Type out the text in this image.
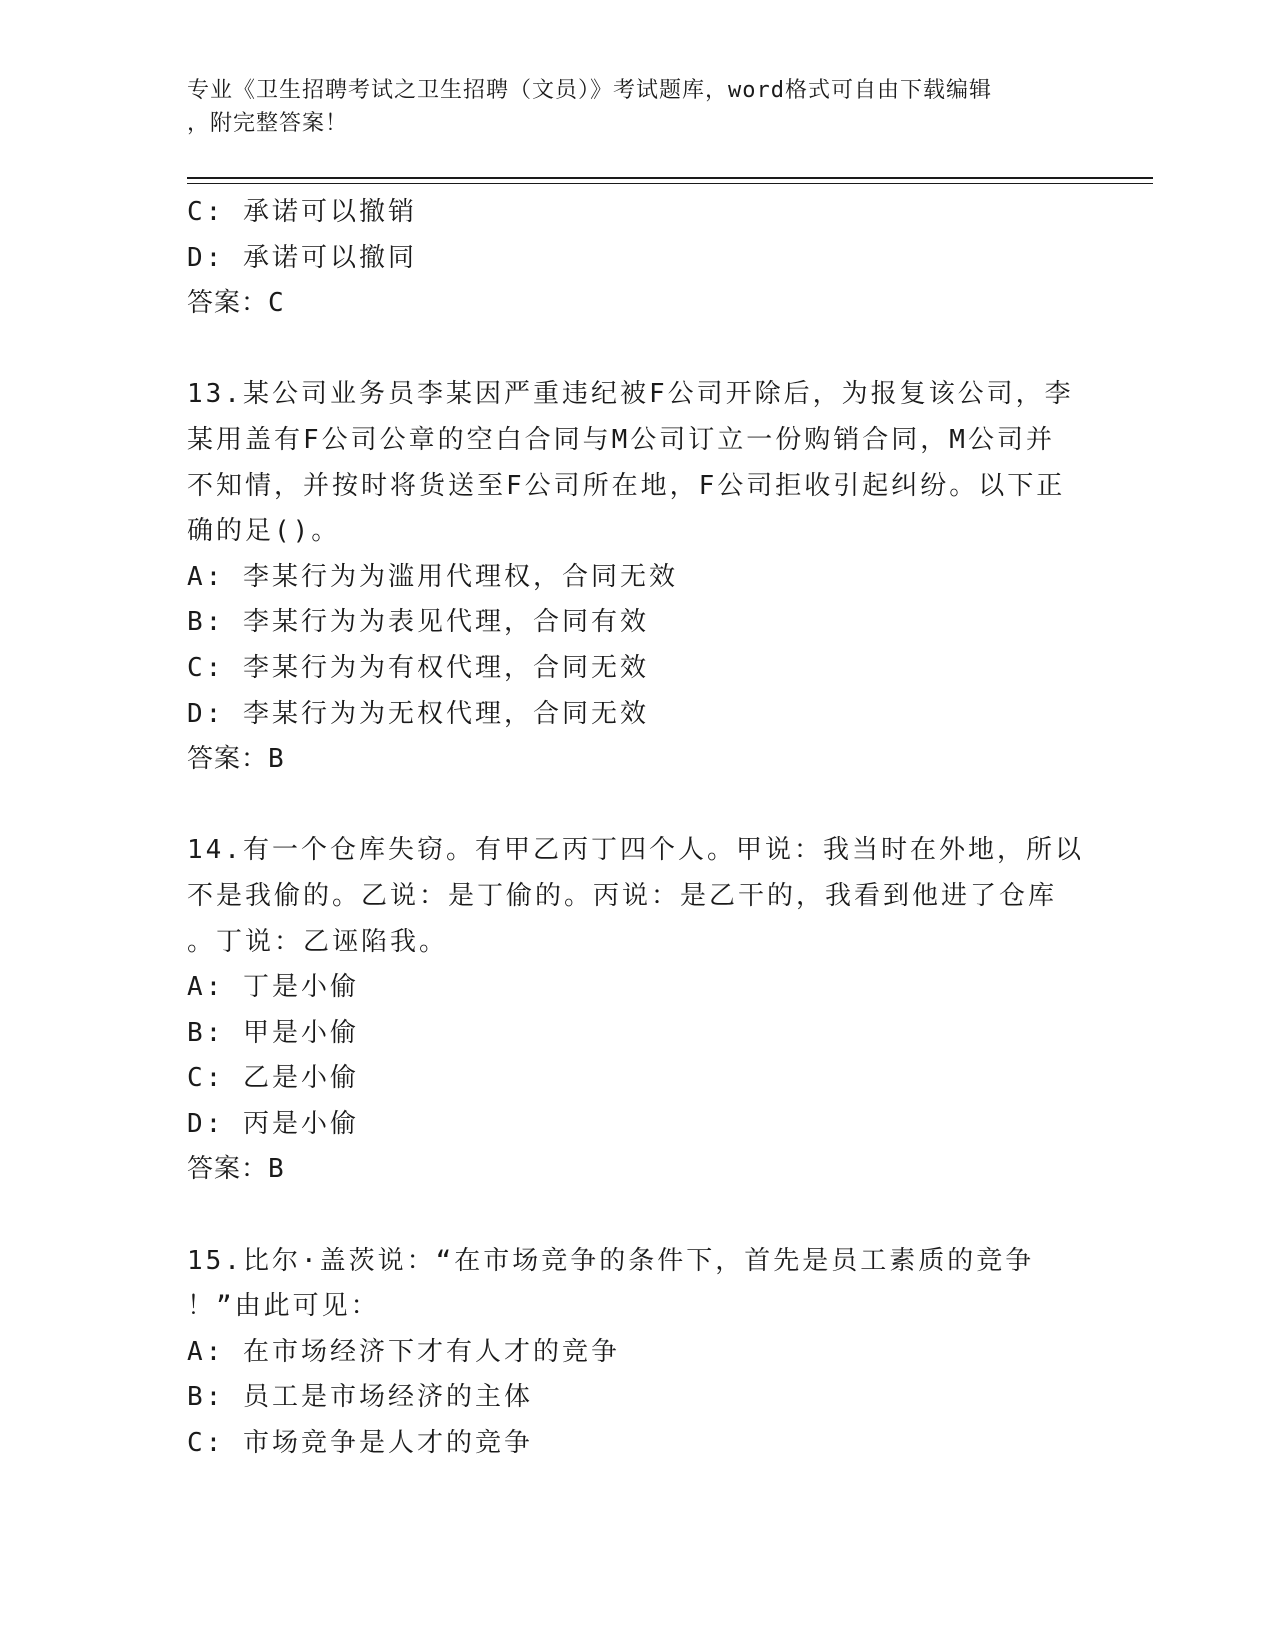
专业《卫生招聘考试之卫生招聘（文员）》考试题库，word格式可自由下载编辑
，附完整答案！
C: 承诺可以撤销
D: 承诺可以撤同
答案：C
13.某公司业务员李某因严重违纪被F公司开除后，为报复该公司，李
某用盖有F公司公章的空白合同与M公司订立一份购销合同，M公司并
不知情，并按时将货送至F公司所在地，F公司拒收引起纠纷。以下正
确的足()。
A: 李某行为为滥用代理权，合同无效
B: 李某行为为表见代理，合同有效
C: 李某行为为有权代理，合同无效
D: 李某行为为无权代理，合同无效
答案：B
14.有一个仓库失窃。有甲乙丙丁四个人。甲说：我当时在外地，所以
不是我偷的。乙说：是丁偷的。丙说：是乙干的，我看到他进了仓库
。丁说：乙诬陷我。
A: 丁是小偷
B: 甲是小偷
C: 乙是小偷
D: 丙是小偷
答案：B
15.比尔·盖茨说：“在市场竞争的条件下，首先是员工素质的竞争
！”由此可见：
A: 在市场经济下才有人才的竞争
B: 员工是市场经济的主体
C: 市场竞争是人才的竞争
